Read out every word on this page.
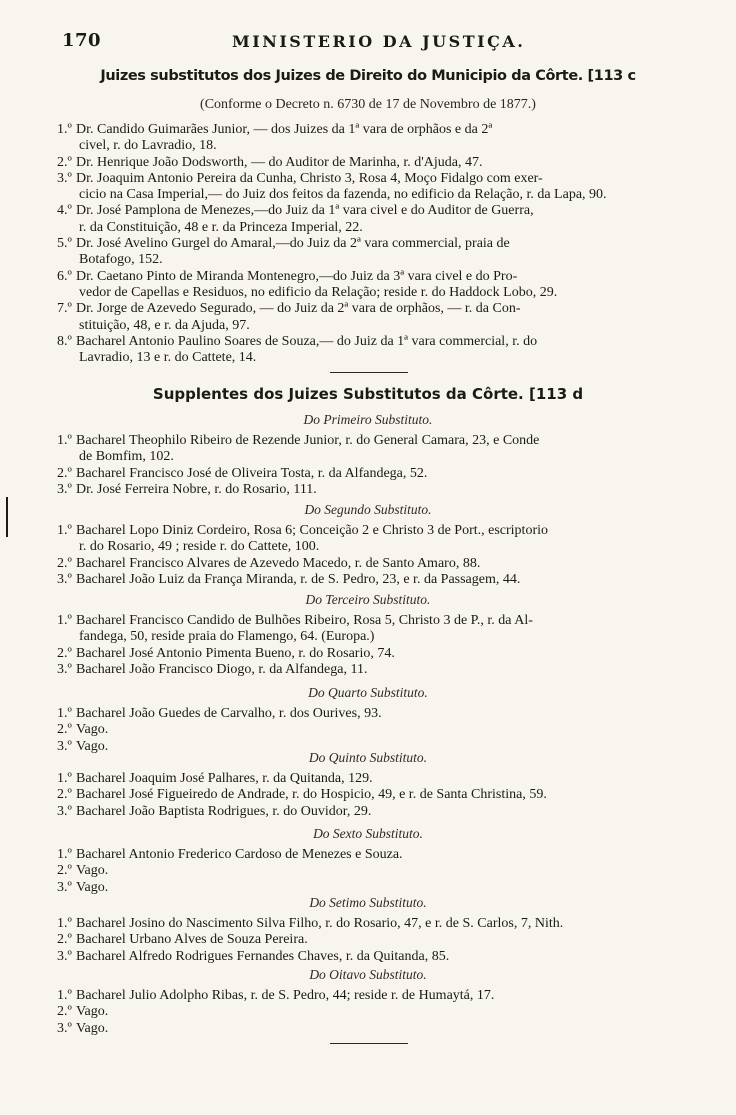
170	MINISTERIO DA JUSTIÇA.
Juizes substitutos dos Juizes de Direito do Municipio da Côrte. [113 c
(Conforme o Decreto n. 6730 de 17 de Novembro de 1877.)

1.º Dr. Candido Guimarães Junior, — dos Juizes da 1ª vara de orphãos e da 2ª

civel, r. do Lavradio, 18.

2.º Dr. Henrique João Dodsworth, — do Auditor de Marinha, r. d'Ajuda, 47.

3.º Dr. Joaquim Antonio Pereira da Cunha, Christo 3, Rosa 4, Moço Fidalgo com exer-

cicio na Casa Imperial,— do Juiz dos feitos da fazenda, no edificio da Relação, r. da Lapa, 90.

4.º Dr. José Pamplona de Menezes,—do Juiz da 1ª vara civel e do Auditor de Guerra,

r. da Constituição, 48 e r. da Princeza Imperial, 22.

5.º Dr. José Avelino Gurgel do Amaral,—do Juiz da 2ª vara commercial, praia de

Botafogo, 152.

6.º Dr. Caetano Pinto de Miranda Montenegro,—do Juiz da 3ª vara civel e do Pro-

vedor de Capellas e Residuos, no edificio da Relação; reside r. do Haddock Lobo, 29.

7.º Dr. Jorge de Azevedo Segurado, — do Juiz da 2ª vara de orphãos, — r. da Con-

stituição, 48, e r. da Ajuda, 97.

8.º Bacharel Antonio Paulino Soares de Souza,— do Juiz da 1ª vara commercial, r. do

Lavradio, 13 e r. do Cattete, 14.

Supplentes dos Juizes Substitutos da Côrte. [113 d
Do Primeiro Substituto.

1.º Bacharel Theophilo Ribeiro de Rezende Junior, r. do General Camara, 23, e Conde

de Bomfim, 102.

2.º Bacharel Francisco José de Oliveira Tosta, r. da Alfandega, 52.

3.º Dr. José Ferreira Nobre, r. do Rosario, 111.

Do Segundo Substituto.

1.º Bacharel Lopo Diniz Cordeiro, Rosa 6; Conceição 2 e Christo 3 de Port., escriptorio

r. do Rosario, 49 ; reside r. do Cattete, 100.

2.º Bacharel Francisco Alvares de Azevedo Macedo, r. de Santo Amaro, 88.

3.º Bacharel João Luiz da França Miranda, r. de S. Pedro, 23, e r. da Passagem, 44.

Do Terceiro Substituto.

1.º Bacharel Francisco Candido de Bulhões Ribeiro, Rosa 5, Christo 3 de P., r. da Al-

fandega, 50, reside praia do Flamengo, 64. (Europa.)

2.º Bacharel José Antonio Pimenta Bueno, r. do Rosario, 74.

3.º Bacharel João Francisco Diogo, r. da Alfandega, 11.

Do Quarto Substituto.

1.º Bacharel João Guedes de Carvalho, r. dos Ourives, 93.

2.º Vago.

3.º Vago.

Do Quinto Substituto.

1.º Bacharel Joaquim José Palhares, r. da Quitanda, 129.

2.º Bacharel José Figueiredo de Andrade, r. do Hospicio, 49, e r. de Santa Christina, 59.

3.º Bacharel João Baptista Rodrigues, r. do Ouvidor, 29.

Do Sexto Substituto.

1.º Bacharel Antonio Frederico Cardoso de Menezes e Souza.

2.º Vago.

3.º Vago.

Do Setimo Substituto.

1.º Bacharel Josino do Nascimento Silva Filho, r. do Rosario, 47, e r. de S. Carlos, 7, Nith.

2.º Bacharel Urbano Alves de Souza Pereira.

3.º Bacharel Alfredo Rodrigues Fernandes Chaves, r. da Quitanda, 85.

Do Oitavo Substituto.

1.º Bacharel Julio Adolpho Ribas, r. de S. Pedro, 44; reside r. de Humaytá, 17.

2.º Vago.

3.º Vago.
